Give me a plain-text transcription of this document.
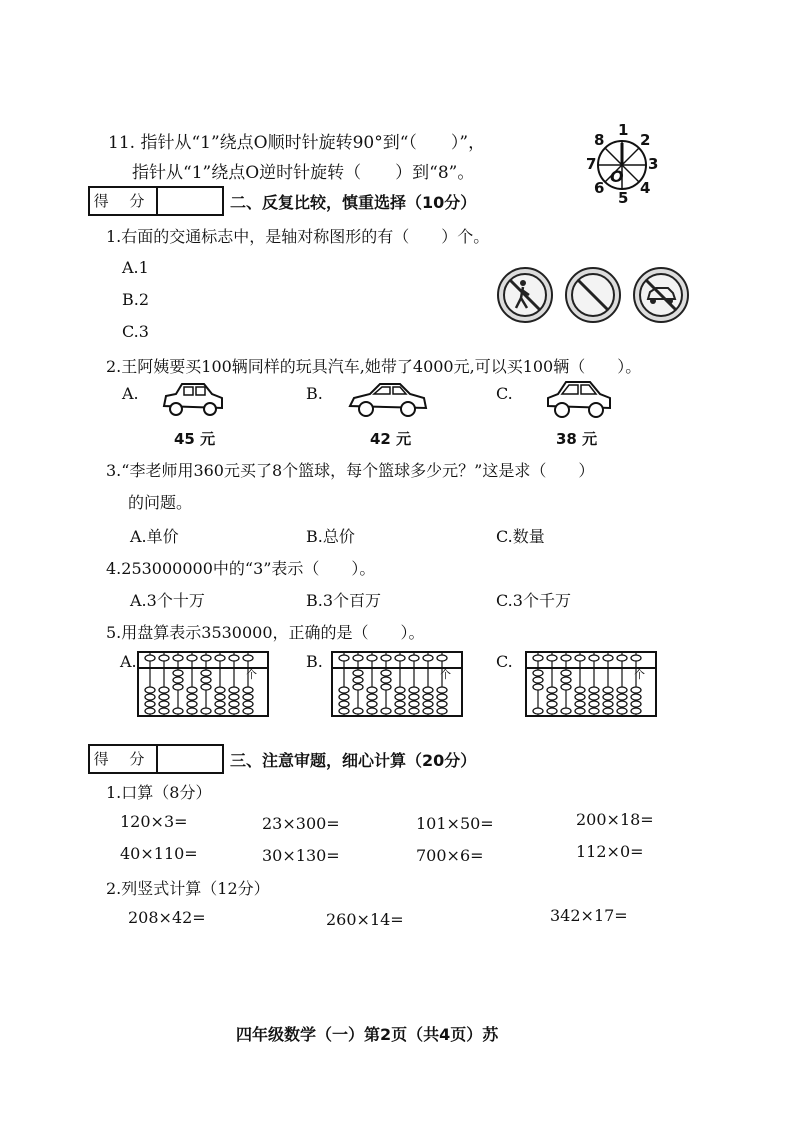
11. 指针从“1”绕点O顺时针旋转90°到“（　　）”，
指针从“1”绕点O逆时针旋转（　　）到“8”。
1
2
3
4
5
6
7
8
O
得 分	二、反复比较，慎重选择（10分）
1.右面的交通标志中，是轴对称图形的有（　　）个。
A.1
B.2
C.3
2.王阿姨要买100辆同样的玩具汽车,她带了4000元,可以买100辆（　　）。
A.	B.	C.
45 元	42 元	38 元
3.“李老师用360元买了8个篮球，每个篮球多少元？”这是求（　　）
的问题。
A.单价	B.总价	C.数量
4.253000000中的“3”表示（　　）。
A.3个十万	B.3个百万	C.3个千万
5.用盘算表示3530000，正确的是（　　）。
A.	B.	C.
个	个	个
得 分	三、注意审题，细心计算（20分）
1.口算（8分）
120×3=	23×300=	101×50=	200×18=
40×110=	30×130=	700×6=	112×0=
2.列竖式计算（12分）
208×42=	260×14=	342×17=
四年级数学（一）第2页（共4页）苏
